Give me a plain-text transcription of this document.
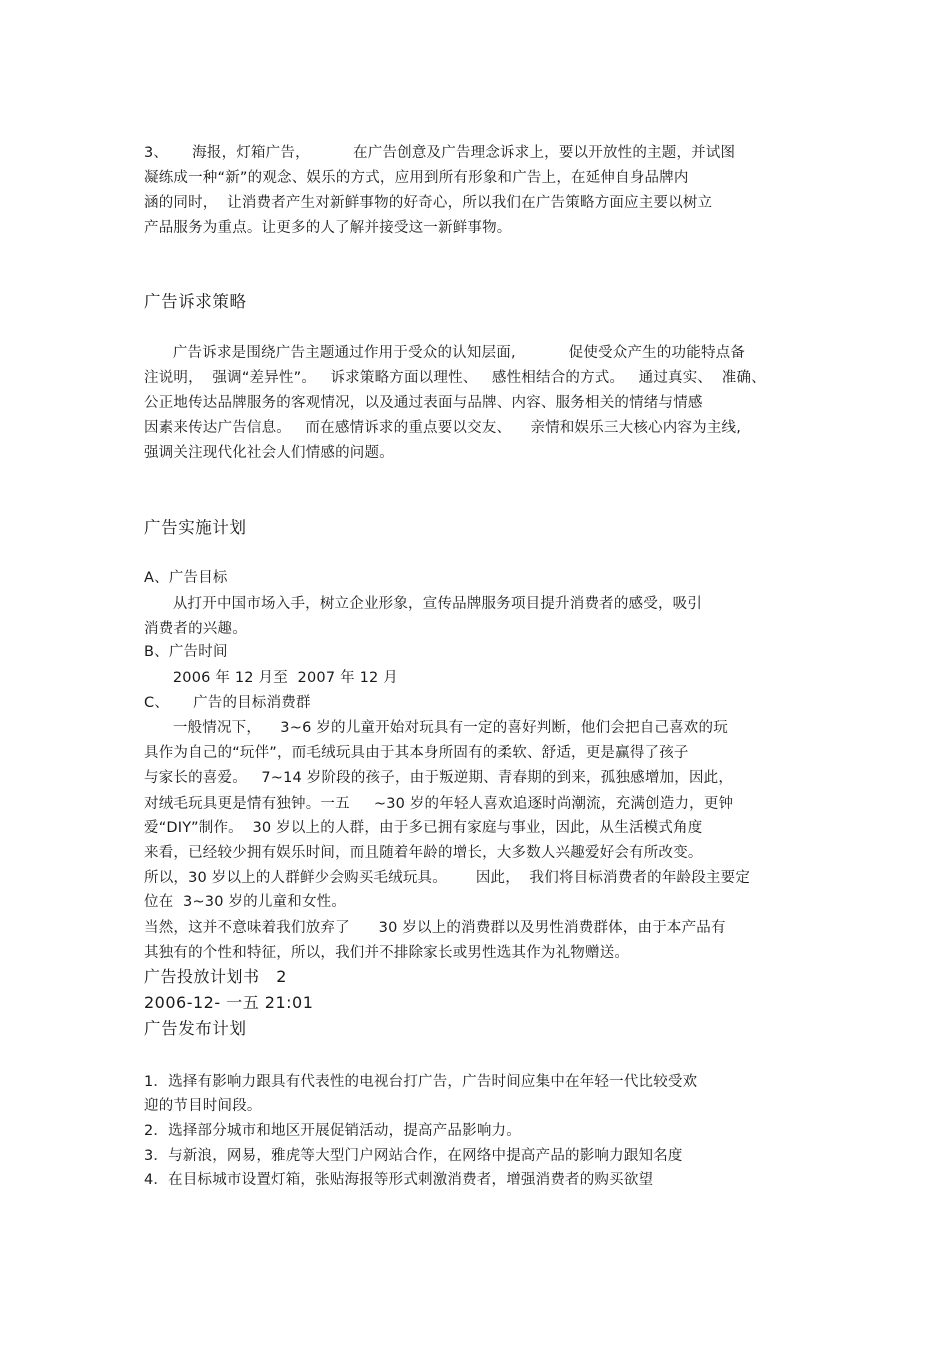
3、     海报，灯箱广告，         在广告创意及广告理念诉求上，要以开放性的主题，并试图
凝练成一种“新”的观念、娱乐的方式，应用到所有形象和广告上，在延伸自身品牌内
涵的同时，  让消费者产生对新鲜事物的好奇心，所以我们在广告策略方面应主要以树立
产品服务为重点。让更多的人了解并接受这一新鲜事物。
广告诉求策略
广告诉求是围绕广告主题通过作用于受众的认知层面,           促使受众产生的功能特点备
注说明，  强调“差异性”。   诉求策略方面以理性、   感性相结合的方式。   通过真实、  准确、
公正地传达品牌服务的客观情况，以及通过表面与品牌、内容、服务相关的情绪与情感
因素来传达广告信息。   而在感情诉求的重点要以交友、    亲情和娱乐三大核心内容为主线,
强调关注现代化社会人们情感的问题。
广告实施计划
A、广告目标
从打开中国市场入手，树立企业形象，宣传品牌服务项目提升消费者的感受，吸引
消费者的兴趣。
B、广告时间
2006 年 12 月至  2007 年 12 月
C、     广告的目标消费群
一般情况下，    3~6 岁的儿童开始对玩具有一定的喜好判断，他们会把自己喜欢的玩
具作为自己的“玩伴”，而毛绒玩具由于其本身所固有的柔软、舒适，更是赢得了孩子
与家长的喜爱。   7~14 岁阶段的孩子，由于叛逆期、青春期的到来，孤独感增加，因此，
对绒毛玩具更是情有独钟。一五     ~30 岁的年轻人喜欢追逐时尚潮流，充满创造力，更钟
爱“DIY”制作。  30 岁以上的人群，由于多已拥有家庭与事业，因此，从生活模式角度
来看，已经较少拥有娱乐时间，而且随着年龄的增长，大多数人兴趣爱好会有所改变。
所以，30 岁以上的人群鲜少会购买毛绒玩具。      因此，  我们将目标消费者的年龄段主要定
位在  3~30 岁的儿童和女性。
当然，这并不意味着我们放弃了      30 岁以上的消费群以及男性消费群体，由于本产品有
其独有的个性和特征，所以，我们并不排除家长或男性选其作为礼物赠送。
广告投放计划书   2
2006-12- 一五 21:01
广告发布计划
1．选择有影响力跟具有代表性的电视台打广告，广告时间应集中在年轻一代比较受欢
迎的节目时间段。
2．选择部分城市和地区开展促销活动，提高产品影响力。
3．与新浪，网易，雅虎等大型门户网站合作，在网络中提高产品的影响力跟知名度
4．在目标城市设置灯箱，张贴海报等形式刺激消费者，增强消费者的购买欲望
